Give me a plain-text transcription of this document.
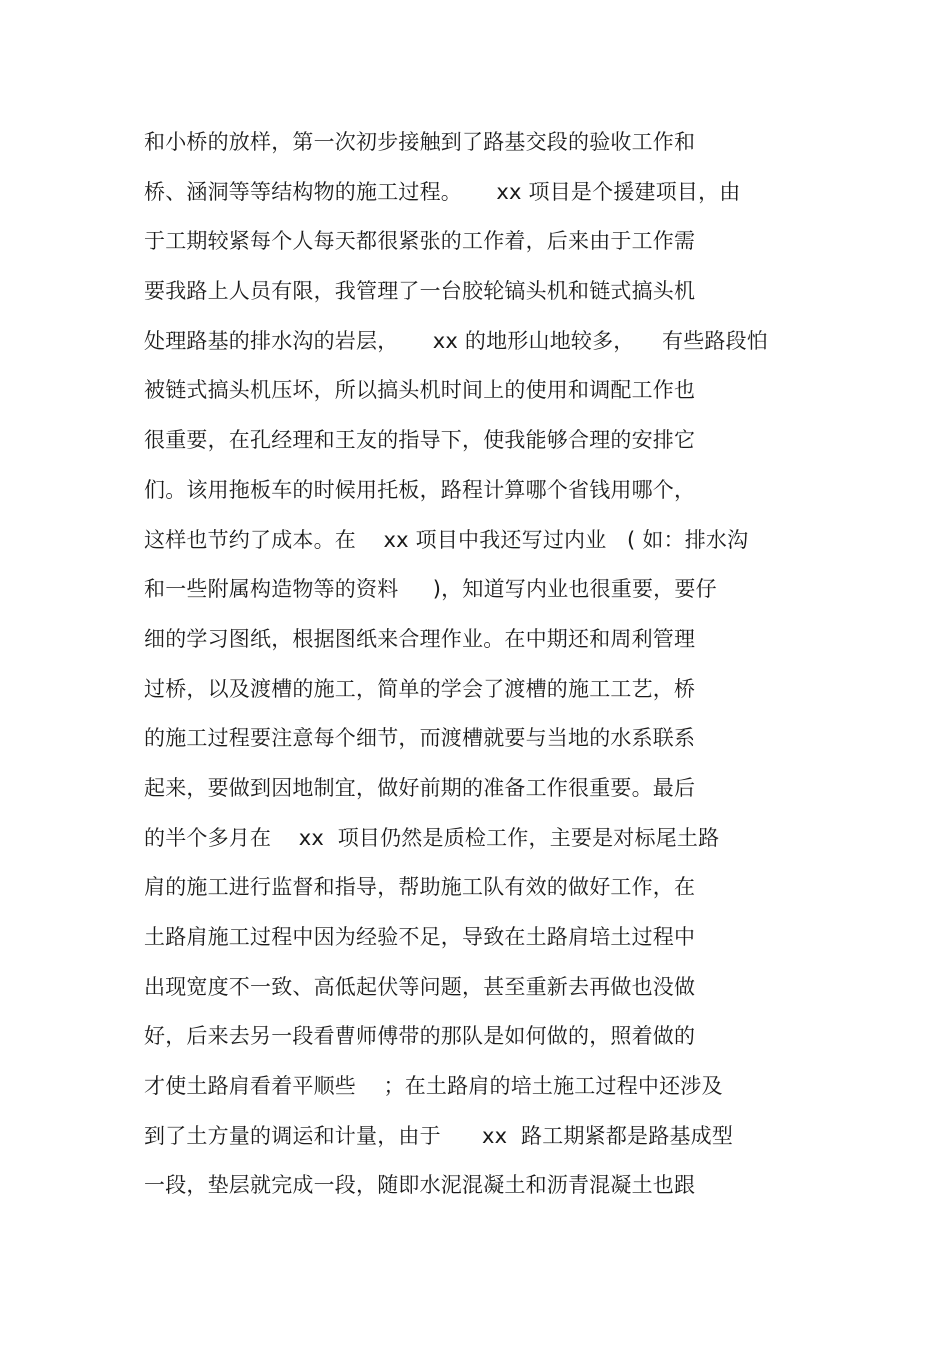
和小桥的放样，第一次初步接触到了路基交段的验收工作和
桥、涵洞等等结构物的施工过程。     xx 项目是个援建项目，由
于工期较紧每个人每天都很紧张的工作着，后来由于工作需
要我路上人员有限，我管理了一台胶轮镐头机和链式搞头机
处理路基的排水沟的岩层，     xx 的地形山地较多，    有些路段怕
被链式搞头机压坏，所以搞头机时间上的使用和调配工作也
很重要，在孔经理和王友的指导下，使我能够合理的安排它
们。该用拖板车的时候用托板，路程计算哪个省钱用哪个，
这样也节约了成本。在    xx 项目中我还写过内业   ( 如：排水沟
和一些附属构造物等的资料     )，知道写内业也很重要，要仔
细的学习图纸，根据图纸来合理作业。在中期还和周利管理
过桥，以及渡槽的施工，简单的学会了渡槽的施工工艺，桥
的施工过程要注意每个细节，而渡槽就要与当地的水系联系
起来，要做到因地制宜，做好前期的准备工作很重要。最后
的半个多月在    xx  项目仍然是质检工作，主要是对标尾土路
肩的施工进行监督和指导，帮助施工队有效的做好工作，在
土路肩施工过程中因为经验不足，导致在土路肩培土过程中
出现宽度不一致、高低起伏等问题，甚至重新去再做也没做
好，后来去另一段看曹师傅带的那队是如何做的，照着做的
才使土路肩看着平顺些    ；在土路肩的培土施工过程中还涉及
到了土方量的调运和计量，由于      xx  路工期紧都是路基成型
一段，垫层就完成一段，随即水泥混凝土和沥青混凝土也跟
